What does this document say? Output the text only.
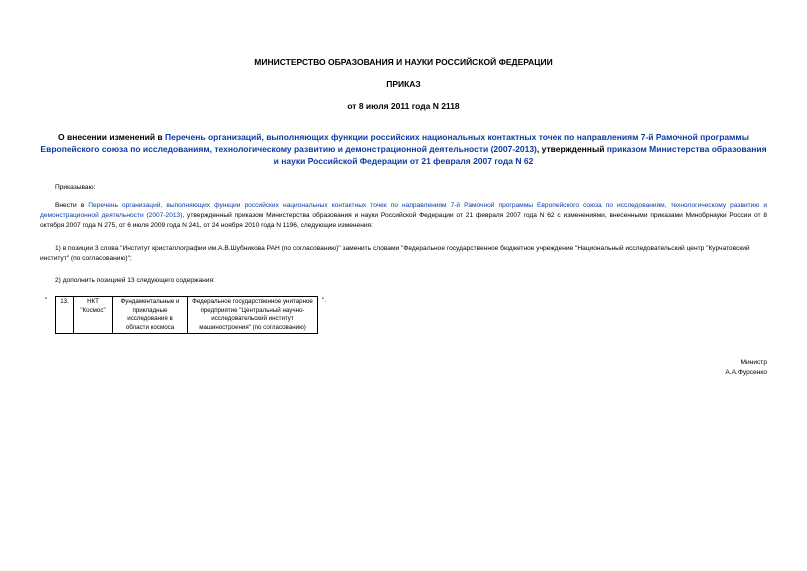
МИНИСТЕРСТВО ОБРАЗОВАНИЯ И НАУКИ РОССИЙСКОЙ ФЕДЕРАЦИИ
ПРИКАЗ
от 8 июля 2011 года N 2118
О внесении изменений в Перечень организаций, выполняющих функции российских национальных контактных точек по направлениям 7-й Рамочной программы Европейского союза по исследованиям, технологическому развитию и демонстрационной деятельности (2007-2013), утвержденный приказом Министерства образования и науки Российской Федерации от 21 февраля 2007 года N 62
Приказываю:
Внести в Перечень организаций, выполняющих функции российских национальных контактных точек по направлениям 7-й Рамочной программы Европейского союза по исследованиям, технологическому развитию и демонстрационной деятельности (2007-2013), утвержденный приказом Министерства образования и науки Российской Федерации от 21 февраля 2007 года N 62 с изменениями, внесенными приказами Минобрнауки России от 8 октября 2007 года N 275, от 6 июля 2009 года N 241, от 24 ноября 2010 года N 1196, следующие изменения:
1) в позиции 3 слова "Институт кристаллографии им.А.В.Шубникова РАН (по согласованию)" заменить словами "Федеральное государственное бюджетное учреждение "Национальный исследовательский центр "Курчатовский институт" (по согласованию)";
2) дополнить позицией 13 следующего содержания:
" 13.	НКТ "Космос"	Фундаментальные и прикладные исследования в области космоса	Федеральное государственное унитарное предприятие "Центральный научно-исследовательский институт машиностроения" (по согласованию)
".
Министр
А.А.Фурсенко
